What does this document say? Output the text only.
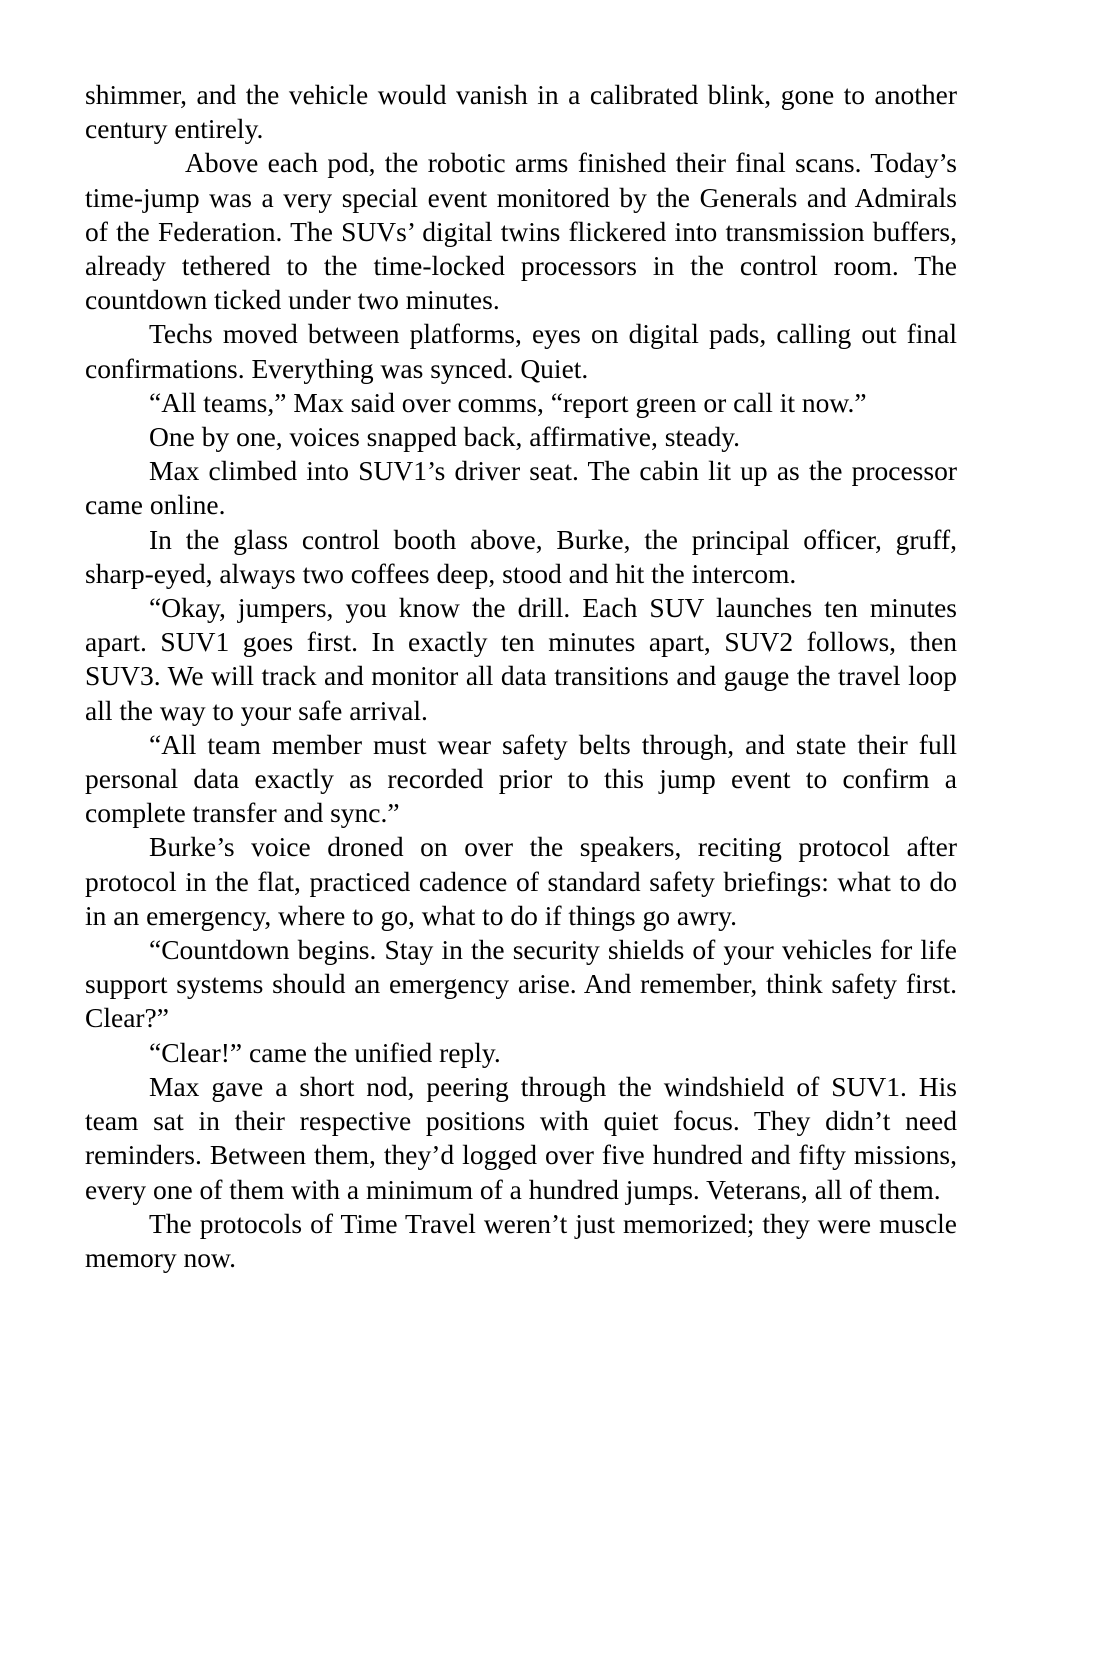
shimmer, and the vehicle would vanish in a calibrated blink, gone to another century entirely.

Above each pod, the robotic arms finished their final scans. Today’s time-jump was a very special event monitored by the Generals and Admirals of the Federation. The SUVs’ digital twins flickered into transmission buffers, already tethered to the time-locked processors in the control room. The countdown ticked under two minutes.

Techs moved between platforms, eyes on digital pads, calling out final confirmations. Everything was synced. Quiet.

“All teams,” Max said over comms, “report green or call it now.”

One by one, voices snapped back, affirmative, steady.

Max climbed into SUV1’s driver seat. The cabin lit up as the processor came online.

In the glass control booth above, Burke, the principal officer, gruff, sharp-eyed, always two coffees deep, stood and hit the intercom.

“Okay, jumpers, you know the drill. Each SUV launches ten minutes apart. SUV1 goes first. In exactly ten minutes apart, SUV2 follows, then SUV3. We will track and monitor all data transitions and gauge the travel loop all the way to your safe arrival.

“All team member must wear safety belts through, and state their full personal data exactly as recorded prior to this jump event to confirm a complete transfer and sync.”

Burke’s voice droned on over the speakers, reciting protocol after protocol in the flat, practiced cadence of standard safety briefings: what to do in an emergency, where to go, what to do if things go awry.

“Countdown begins. Stay in the security shields of your vehicles for life support systems should an emergency arise. And remember, think safety first. Clear?”

“Clear!” came the unified reply.

Max gave a short nod, peering through the windshield of SUV1. His team sat in their respective positions with quiet focus. They didn’t need reminders. Between them, they’d logged over five hundred and fifty missions, every one of them with a minimum of a hundred jumps. Veterans, all of them.

The protocols of Time Travel weren’t just memorized; they were muscle memory now.
